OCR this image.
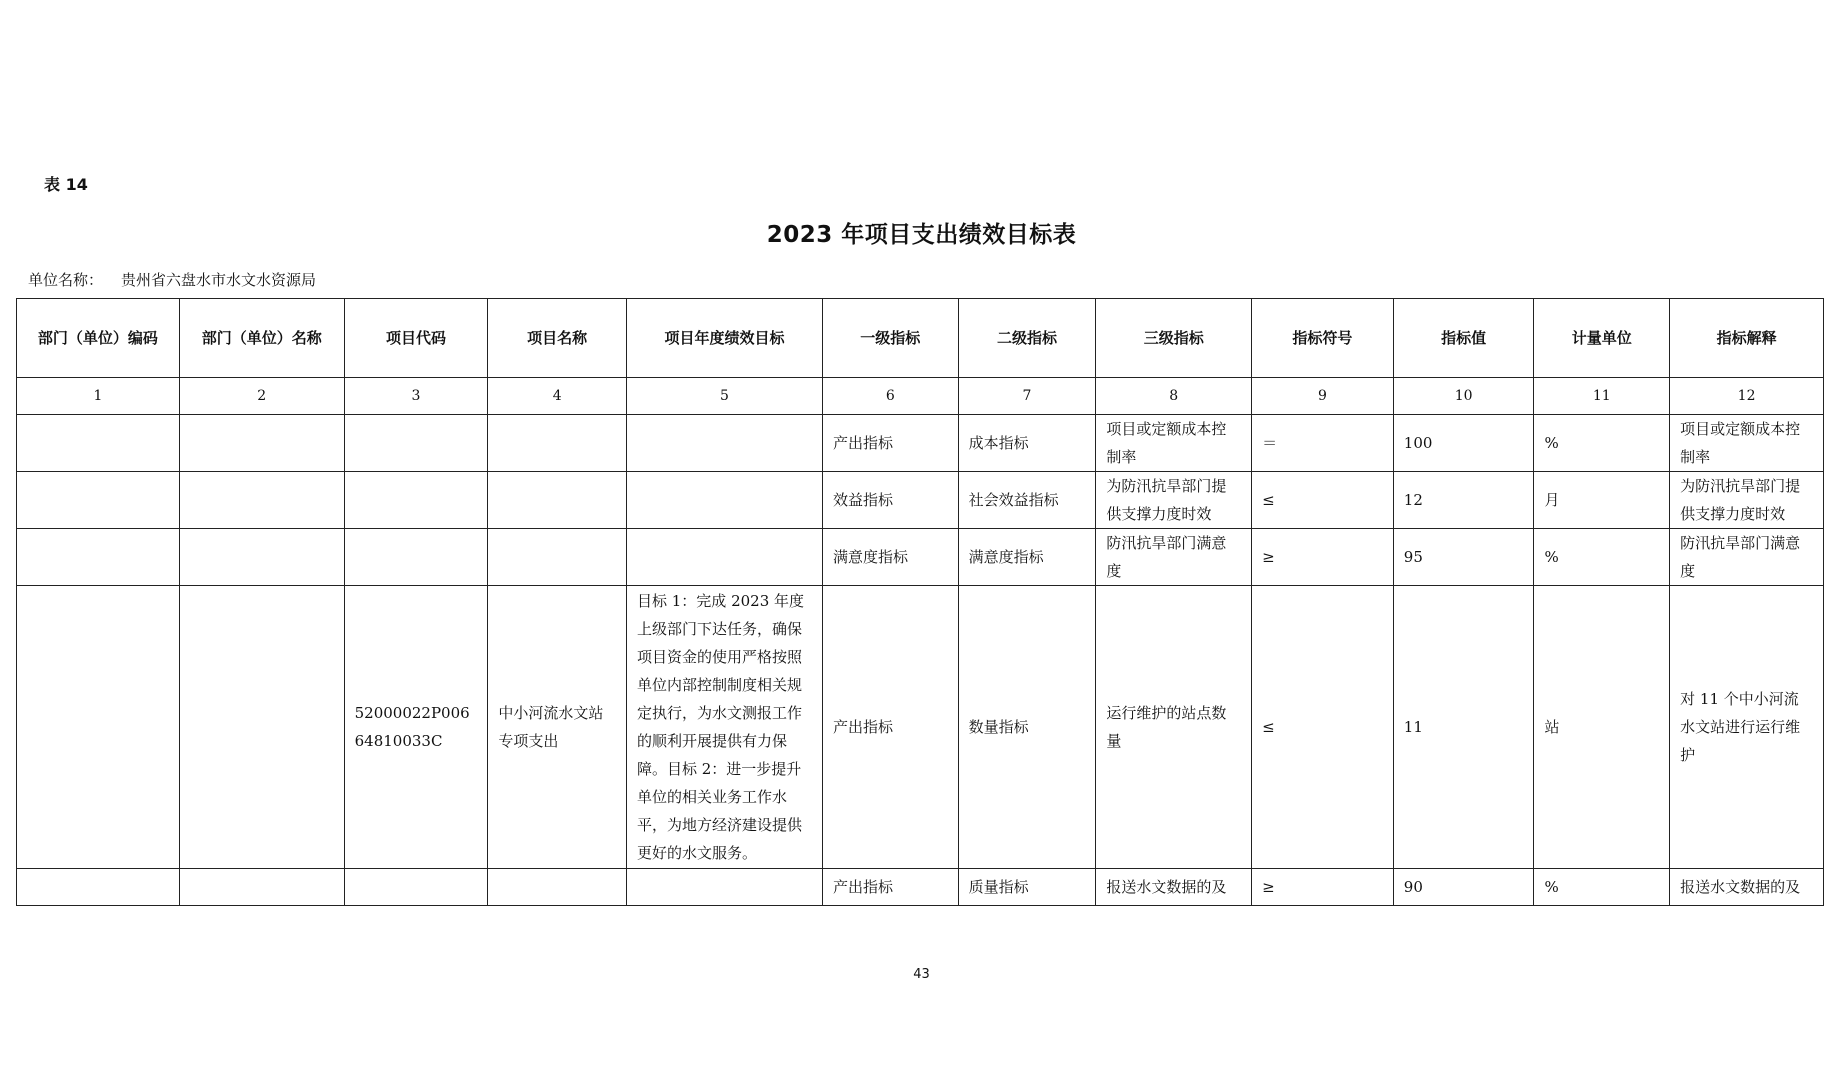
表 14
2023 年项目支出绩效目标表
单位名称： 贵州省六盘水市水文水资源局
部门（单位）编码	部门（单位）名称	项目代码	项目名称	项目年度绩效目标	一级指标	二级指标	三级指标	指标符号	指标值	计量单位	指标解释
1	2	3	4	5	6	7	8	9	10	11	12
					产出指标	成本指标	项目或定额成本控制率	＝	100	%	项目或定额成本控制率
					效益指标	社会效益指标	为防汛抗旱部门提供支撑力度时效	≤	12	月	为防汛抗旱部门提供支撑力度时效
					满意度指标	满意度指标	防汛抗旱部门满意度	≥	95	%	防汛抗旱部门满意度
		52000022P00664810033C	中小河流水文站专项支出	目标 1：完成 2023 年度上级部门下达任务，确保项目资金的使用严格按照单位内部控制制度相关规定执行，为水文测报工作的顺利开展提供有力保障。目标 2：进一步提升单位的相关业务工作水平，为地方经济建设提供更好的水文服务。	产出指标	数量指标	运行维护的站点数量	≤	11	站	对 11 个中小河流水文站进行运行维护
					产出指标	质量指标	报送水文数据的及	≥	90	%	报送水文数据的及
43
